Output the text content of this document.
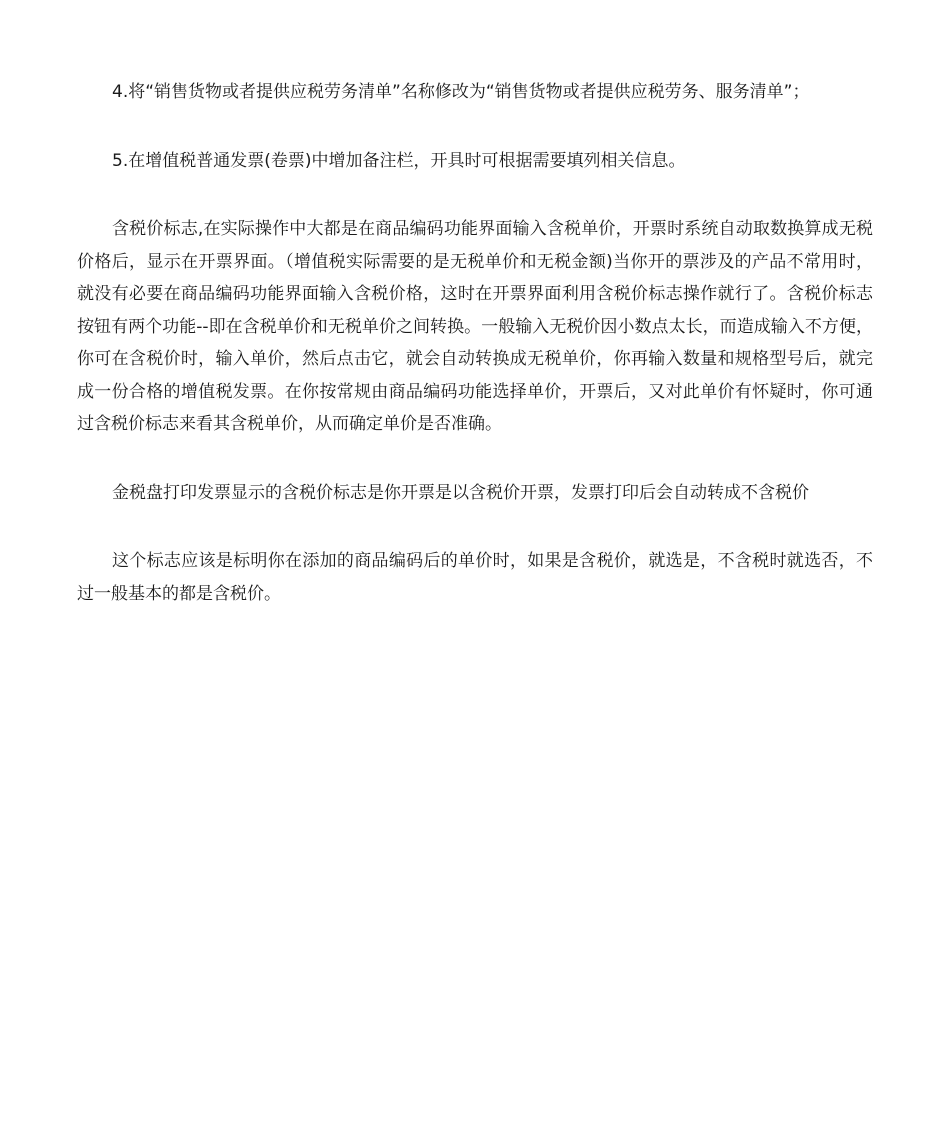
4.将“销售货物或者提供应税劳务清单”名称修改为“销售货物或者提供应税劳务、服务清单”；

5.在增值税普通发票(卷票)中增加备注栏，开具时可根据需要填列相关信息。

含税价标志,在实际操作中大都是在商品编码功能界面输入含税单价，开票时系统自动取数换算成无税价格后，显示在开票界面。（增值税实际需要的是无税单价和无税金额)当你开的票涉及的产品不常用时，就没有必要在商品编码功能界面输入含税价格，这时在开票界面利用含税价标志操作就行了。含税价标志按钮有两个功能--即在含税单价和无税单价之间转换。一般输入无税价因小数点太长，而造成输入不方便，你可在含税价时，输入单价，然后点击它，就会自动转换成无税单价，你再输入数量和规格型号后，就完成一份合格的增值税发票。在你按常规由商品编码功能选择单价，开票后，又对此单价有怀疑时，你可通过含税价标志来看其含税单价，从而确定单价是否准确。

金税盘打印发票显示的含税价标志是你开票是以含税价开票，发票打印后会自动转成不含税价

这个标志应该是标明你在添加的商品编码后的单价时，如果是含税价，就选是，不含税时就选否，不过一般基本的都是含税价。
